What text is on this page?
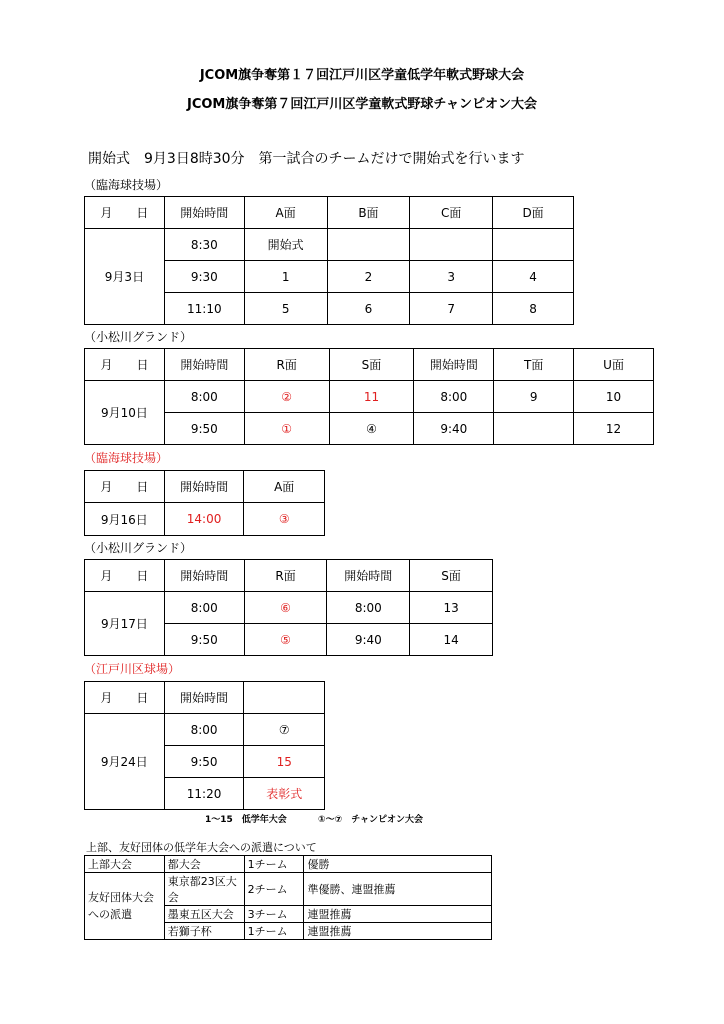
JCOM旗争奪第１７回江戸川区学童低学年軟式野球大会
JCOM旗争奪第７回江戸川区学童軟式野球チャンピオン大会
開始式　9月3日8時30分　第一試合のチームだけで開始式を行います
（臨海球技場）
月　　日	開始時間	A面	B面	C面	D面
9月3日	8:30	開始式			
	9:30	1	2	3	4
	11:10	5	6	7	8
（小松川グランド）
月　　日	開始時間	R面	S面	開始時間	T面	U面
9月10日	8:00	②	11	8:00	9	10
	9:50	①	④	9:40		12
（臨海球技場）
月　　日	開始時間	A面
9月16日	14:00	③
（小松川グランド）
月　　日	開始時間	R面	開始時間	S面
9月17日	8:00	⑥	8:00	13
	9:50	⑤	9:40	14
（江戸川区球場）
月　　日	開始時間	
9月24日	8:00	⑦
	9:50	15
	11:20	表彰式
1～15　低学年大会	①～⑦　チャンピオン大会
上部、友好団体の低学年大会への派遣について
上部大会	都大会	1チーム	優勝
友好団体大会
への派遣	東京都23区大会	2チーム	準優勝、連盟推薦
	墨東五区大会	3チーム	連盟推薦
	若獅子杯	1チーム	連盟推薦
